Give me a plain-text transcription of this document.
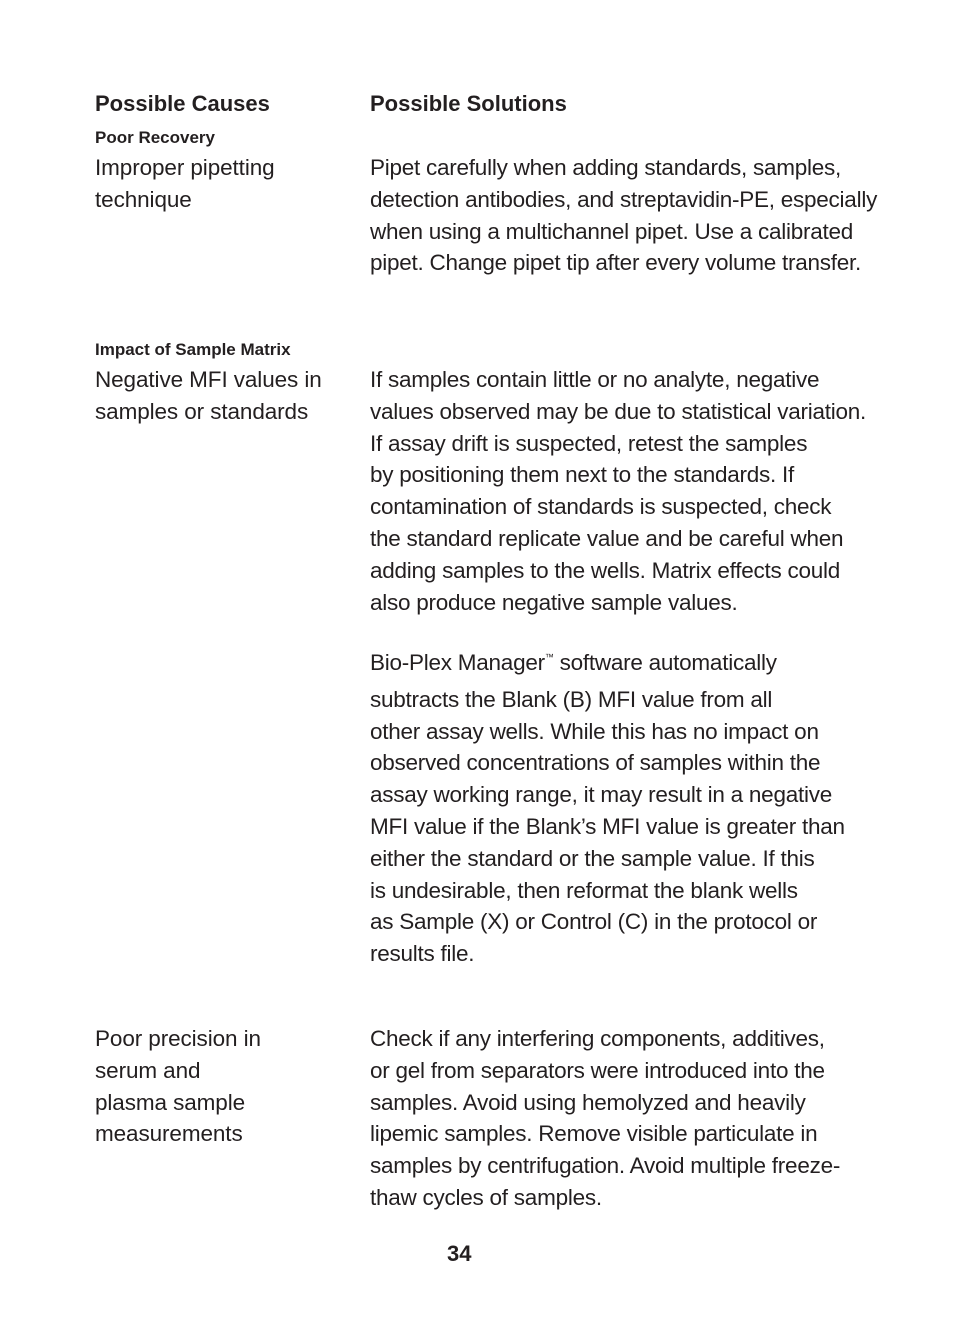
Possible Causes	Possible Solutions
Poor Recovery
Improper pipetting
technique
Pipet carefully when adding standards, samples,
detection antibodies, and streptavidin-PE, especially
when using a multichannel pipet. Use a calibrated
pipet. Change pipet tip after every volume transfer.
Impact of Sample Matrix
Negative MFI values in
samples or standards
If samples contain little or no analyte, negative
values observed may be due to statistical variation.
If assay drift is suspected, retest the samples
by positioning them next to the standards. If
contamination of standards is suspected, check
the standard replicate value and be careful when
adding samples to the wells. Matrix effects could
also produce negative sample values.
Bio-Plex Manager™ software automatically
subtracts the Blank (B) MFI value from all
other assay wells. While this has no impact on
observed concentrations of samples within the
assay working range, it may result in a negative
MFI value if the Blank’s MFI value is greater than
either the standard or the sample value. If this
is undesirable, then reformat the blank wells
as Sample (X) or Control (C) in the protocol or
results file.
Poor precision in
serum and
plasma sample
measurements
Check if any interfering components, additives,
or gel from separators were introduced into the
samples. Avoid using hemolyzed and heavily
lipemic samples. Remove visible particulate in
samples by centrifugation. Avoid multiple freeze-
thaw cycles of samples.
34
